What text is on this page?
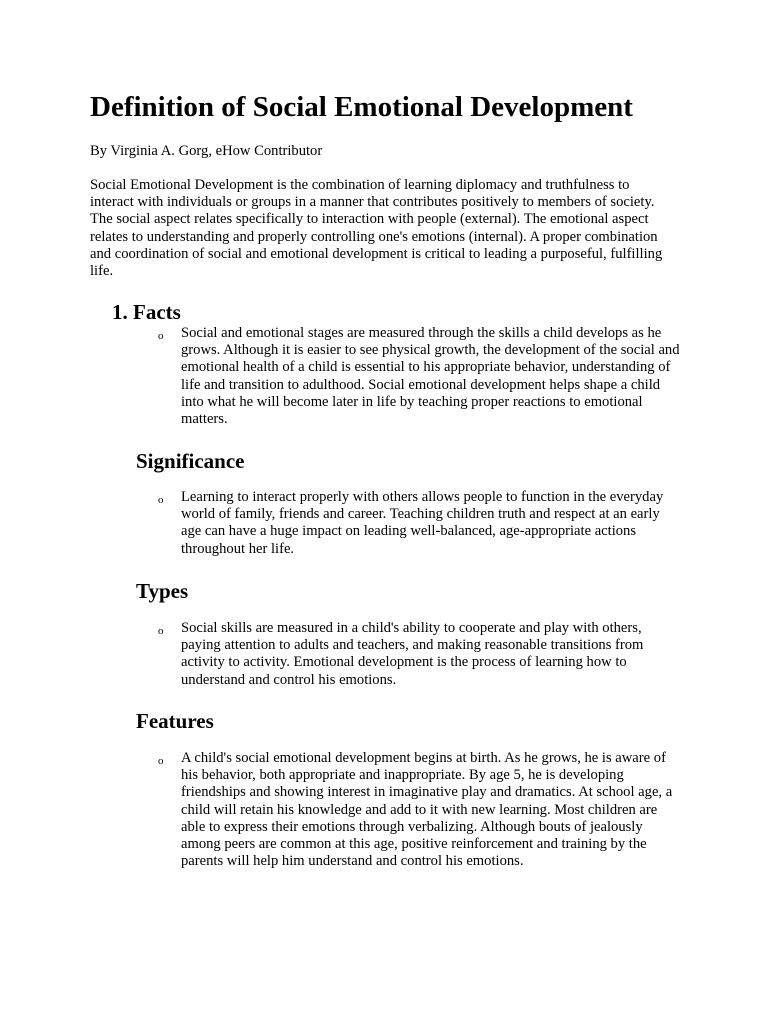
Definition of Social Emotional Development

By Virginia A. Gorg, eHow Contributor

Social Emotional Development is the combination of learning diplomacy and truthfulness to interact with individuals or groups in a manner that contributes positively to members of society. The social aspect relates specifically to interaction with people (external). The emotional aspect relates to understanding and properly controlling one's emotions (internal). A proper combination and coordination of social and emotional development is critical to leading a purposeful, fulfilling life.

1. Facts
o Social and emotional stages are measured through the skills a child develops as he grows. Although it is easier to see physical growth, the development of the social and emotional health of a child is essential to his appropriate behavior, understanding of life and transition to adulthood. Social emotional development helps shape a child into what he will become later in life by teaching proper reactions to emotional matters.

Significance
o Learning to interact properly with others allows people to function in the everyday world of family, friends and career. Teaching children truth and respect at an early age can have a huge impact on leading well-balanced, age-appropriate actions throughout her life.

Types
o Social skills are measured in a child's ability to cooperate and play with others, paying attention to adults and teachers, and making reasonable transitions from activity to activity. Emotional development is the process of learning how to understand and control his emotions.

Features
o A child's social emotional development begins at birth. As he grows, he is aware of his behavior, both appropriate and inappropriate. By age 5, he is developing friendships and showing interest in imaginative play and dramatics. At school age, a child will retain his knowledge and add to it with new learning. Most children are able to express their emotions through verbalizing. Although bouts of jealously among peers are common at this age, positive reinforcement and training by the parents will help him understand and control his emotions.
